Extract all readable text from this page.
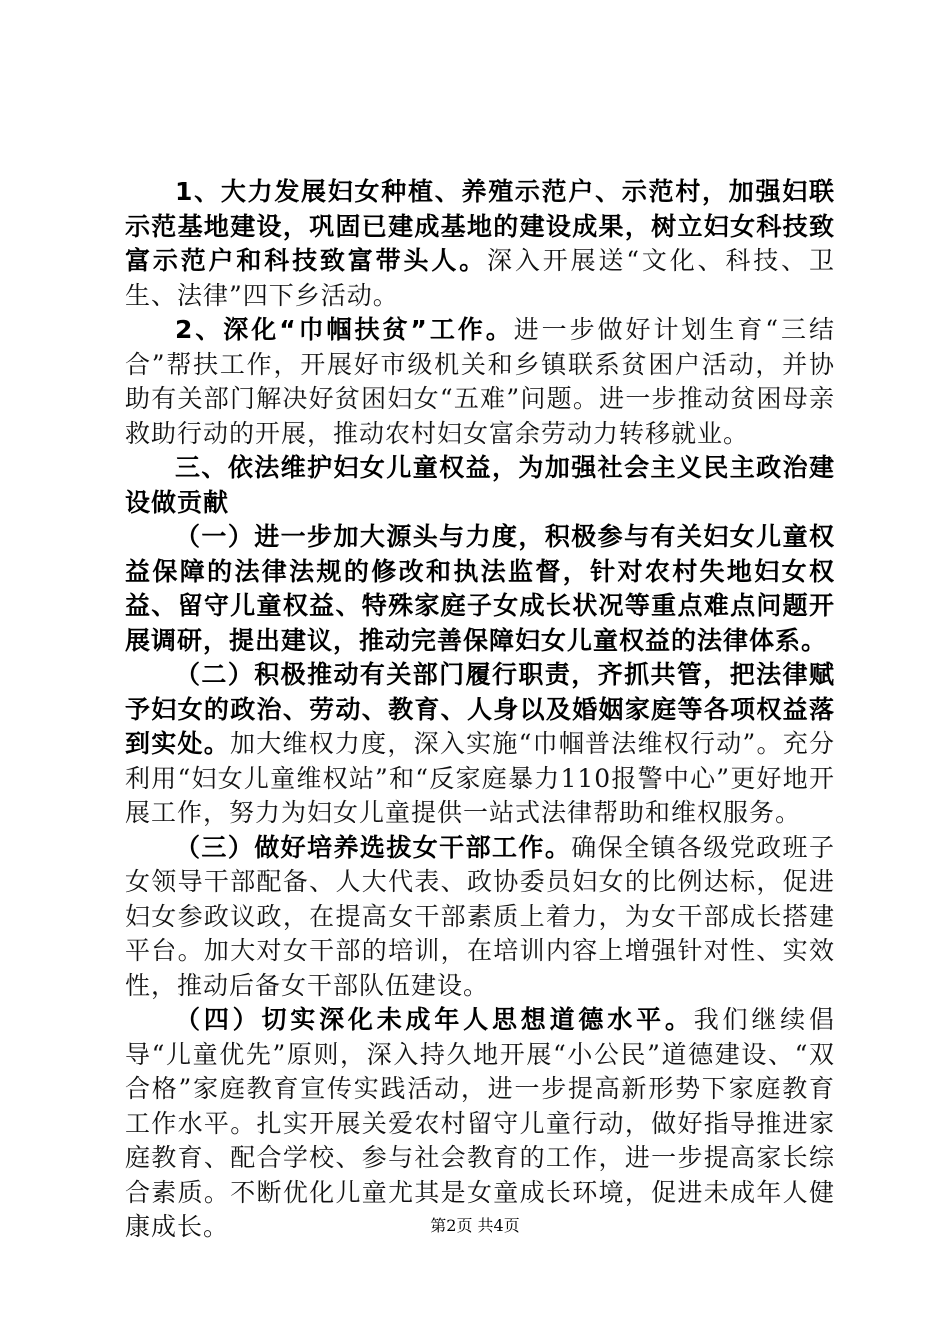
1、大力发展妇女种植、养殖示范户、示范村，加强妇联示范基地建设，巩固已建成基地的建设成果，树立妇女科技致富示范户和科技致富带头人。深入开展送“文化、科技、卫生、法律”四下乡活动。

2、深化“巾帼扶贫”工作。进一步做好计划生育“三结合”帮扶工作，开展好市级机关和乡镇联系贫困户活动，并协助有关部门解决好贫困妇女“五难”问题。进一步推动贫困母亲救助行动的开展，推动农村妇女富余劳动力转移就业。

三、依法维护妇女儿童权益，为加强社会主义民主政治建设做贡献

（一）进一步加大源头与力度，积极参与有关妇女儿童权益保障的法律法规的修改和执法监督，针对农村失地妇女权益、留守儿童权益、特殊家庭子女成长状况等重点难点问题开展调研，提出建议，推动完善保障妇女儿童权益的法律体系。

（二）积极推动有关部门履行职责，齐抓共管，把法律赋予妇女的政治、劳动、教育、人身以及婚姻家庭等各项权益落到实处。加大维权力度，深入实施“巾帼普法维权行动”。充分利用“妇女儿童维权站”和“反家庭暴力110报警中心”更好地开展工作，努力为妇女儿童提供一站式法律帮助和维权服务。

（三）做好培养选拔女干部工作。确保全镇各级党政班子女领导干部配备、人大代表、政协委员妇女的比例达标，促进妇女参政议政，在提高女干部素质上着力，为女干部成长搭建平台。加大对女干部的培训，在培训内容上增强针对性、实效性，推动后备女干部队伍建设。

（四）切实深化未成年人思想道德水平。我们继续倡导“儿童优先”原则，深入持久地开展“小公民”道德建设、“双合格”家庭教育宣传实践活动，进一步提高新形势下家庭教育工作水平。扎实开展关爱农村留守儿童行动，做好指导推进家庭教育、配合学校、参与社会教育的工作，进一步提高家长综合素质。不断优化儿童尤其是女童成长环境，促进未成年人健康成长。	第2页 共4页
